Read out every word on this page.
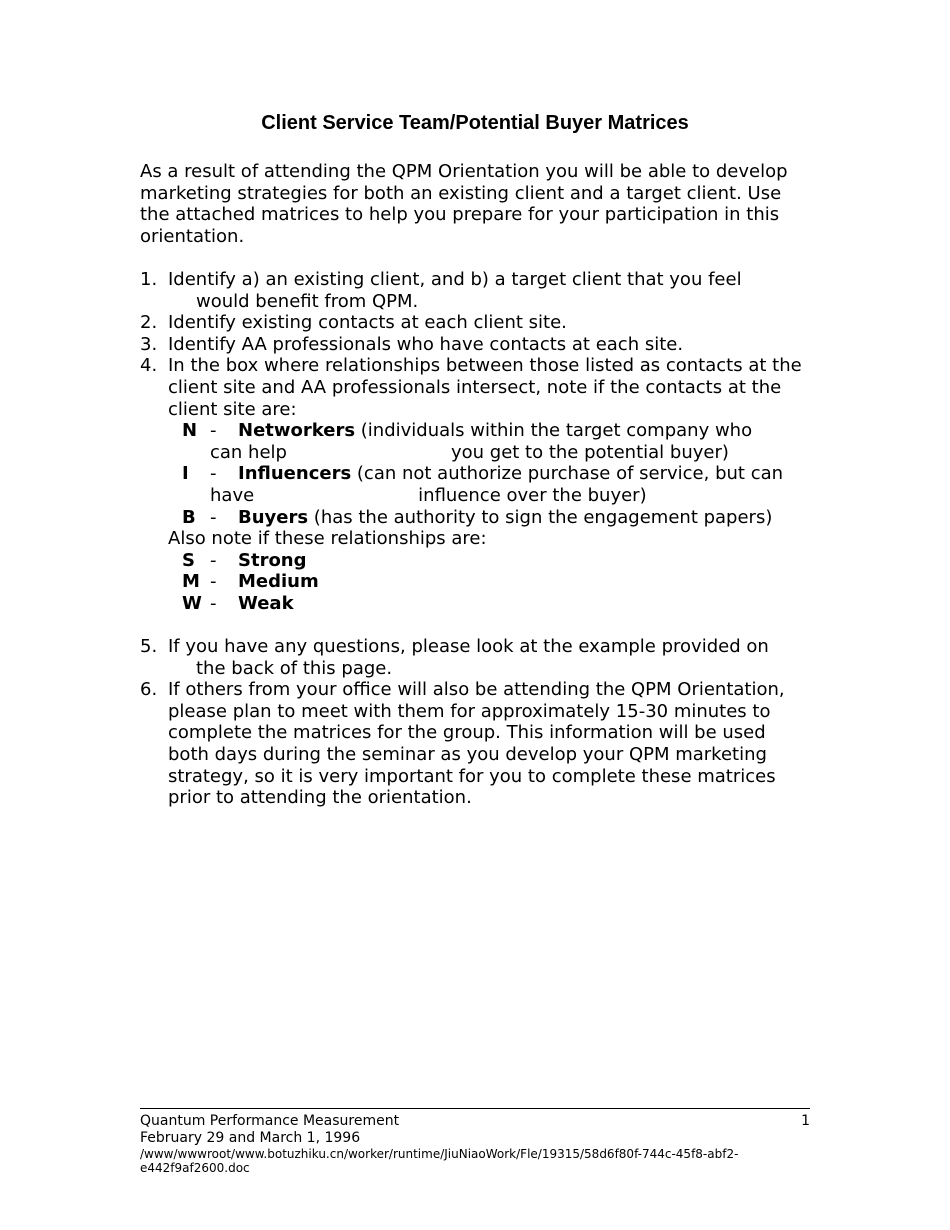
Client Service Team/Potential Buyer Matrices
As a result of attending the QPM Orientation you will be able to develop marketing strategies for both an existing client and a target client. Use the attached matrices to help you prepare for your participation in this orientation.
1. Identify a) an existing client, and b) a target client that you feel
would benefit from QPM.
2. Identify existing contacts at each client site.
3. Identify AA professionals who have contacts at each site.
4. In the box where relationships between those listed as contacts at the client site and AA professionals intersect, note if the contacts at the client site are:
N -	Networkers (individuals within the target company who
can help	you get to the potential buyer)
I -	Influencers (can not authorize purchase of service, but can
have	influence over the buyer)
B -	Buyers (has the authority to sign the engagement papers)
Also note if these relationships are:
S -	Strong
M -	Medium
W -	Weak
5. If you have any questions, please look at the example provided on
the back of this page.
6. If others from your office will also be attending the QPM Orientation, please plan to meet with them for approximately 15-30 minutes to complete the matrices for the group. This information will be used both days during the seminar as you develop your QPM marketing strategy, so it is very important for you to complete these matrices prior to attending the orientation.
1
Quantum Performance Measurement
February 29 and March 1, 1996
/www/wwwroot/www.botuzhiku.cn/worker/runtime/JiuNiaoWork/Fle/19315/58d6f80f-744c-45f8-abf2-e442f9af2600.doc
